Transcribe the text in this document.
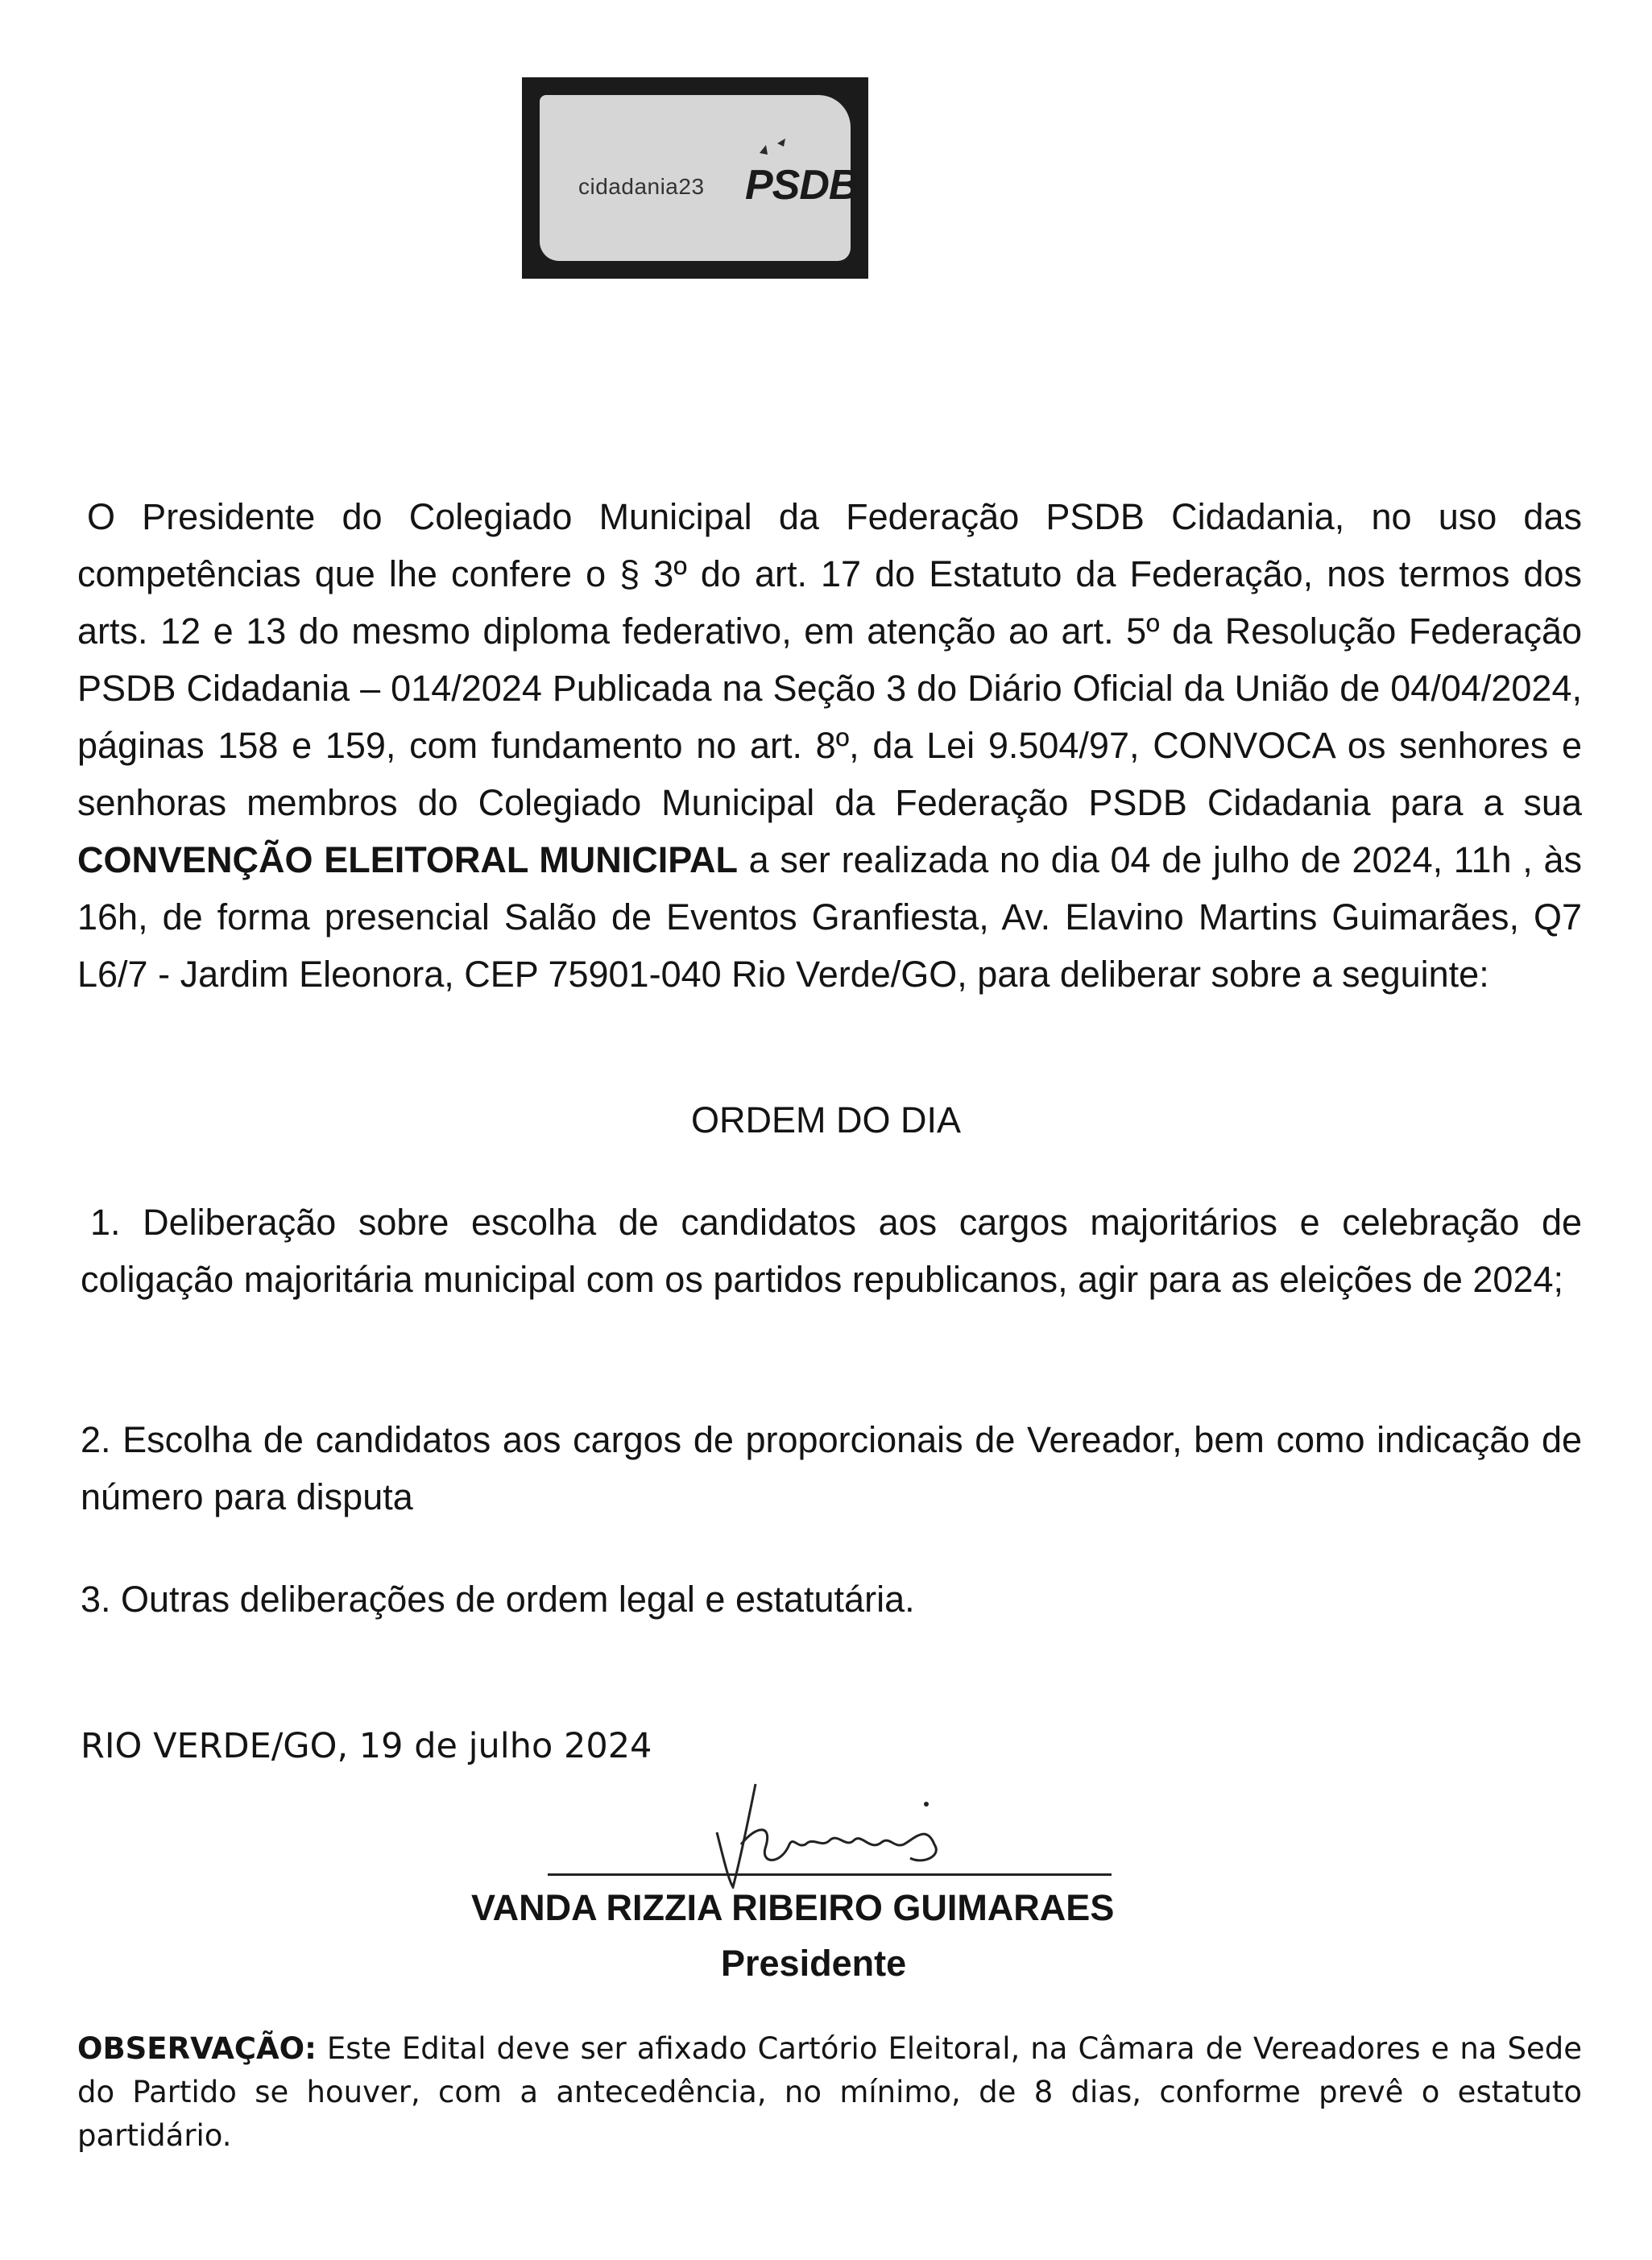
cidadania23 PSDB

O Presidente do Colegiado Municipal da Federação PSDB Cidadania, no uso das competências que lhe confere o § 3º do art. 17 do Estatuto da Federação, nos termos dos arts. 12 e 13 do mesmo diploma federativo, em atenção ao art. 5º da Resolução Federação PSDB Cidadania – 014/2024 Publicada na Seção 3 do Diário Oficial da União de 04/04/2024, páginas 158 e 159, com fundamento no art. 8º, da Lei 9.504/97, CONVOCA os senhores e senhoras membros do Colegiado Municipal da Federação PSDB Cidadania para a sua CONVENÇÃO ELEITORAL MUNICIPAL a ser realizada no dia 04 de julho de 2024, 11h , às 16h, de forma presencial Salão de Eventos Granfiesta, Av. Elavino Martins Guimarães, Q7 L6/7 - Jardim Eleonora, CEP 75901-040 Rio Verde/GO, para deliberar sobre a seguinte:

ORDEM DO DIA

1. Deliberação sobre escolha de candidatos aos cargos majoritários e celebração de coligação majoritária municipal com os partidos republicanos, agir para as eleições de 2024;

2. Escolha de candidatos aos cargos de proporcionais de Vereador, bem como indicação de número para disputa

3. Outras deliberações de ordem legal e estatutária.

RIO VERDE/GO, 19 de julho 2024
VANDA RIZZIA RIBEIRO GUIMARAES
Presidente

OBSERVAÇÃO: Este Edital deve ser afixado Cartório Eleitoral, na Câmara de Vereadores e na Sede do Partido se houver, com a antecedência, no mínimo, de 8 dias, conforme prevê o estatuto partidário.
